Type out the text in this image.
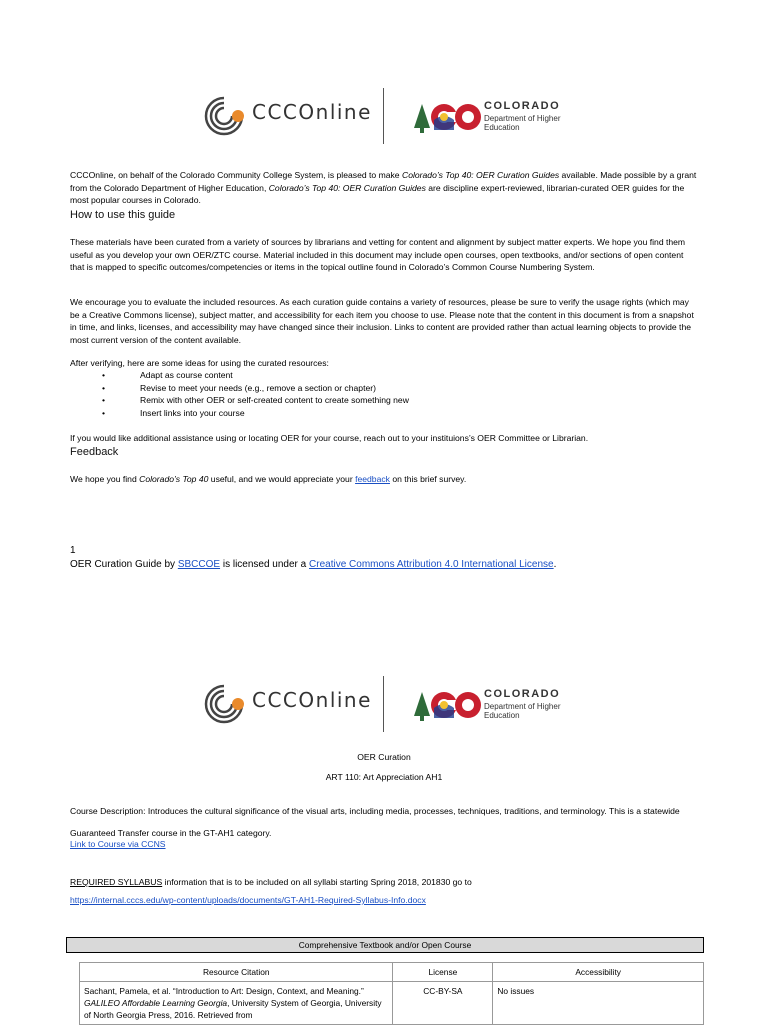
CCCOnline	COLORADO
Department of Higher Education
CCCOnline, on behalf of the Colorado Community College System, is pleased to make Colorado’s Top 40: OER Curation Guides available. Made possible by a grant from the Colorado Department of Higher Education, Colorado’s Top 40: OER Curation Guides are discipline expert-reviewed, librarian-curated OER guides for the most popular courses in Colorado.
How to use this guide
These materials have been curated from a variety of sources by librarians and vetting for content and alignment by subject matter experts. We hope you find them useful as you develop your own OER/ZTC course. Material included in this document may include open courses, open textbooks, and/or sections of open content that is mapped to specific outcomes/competencies or items in the topical outline found in Colorado’s Common Course Numbering System.
We encourage you to evaluate the included resources. As each curation guide contains a variety of resources, please be sure to verify the usage rights (which may be a Creative Commons license), subject matter, and accessibility for each item you choose to use. Please note that the content in this document is from a snapshot in time, and links, licenses, and accessibility may have changed since their inclusion. Links to content are provided rather than actual learning objects to provide the most current version of the content available.
After verifying, here are some ideas for using the curated resources:
• Adapt as course content
• Revise to meet your needs (e.g., remove a section or chapter)
• Remix with other OER or self-created content to create something new
• Insert links into your course
If you would like additional assistance using or locating OER for your course, reach out to your instituions’s OER Committee or Librarian.
Feedback
We hope you find Colorado’s Top 40 useful, and we would appreciate your feedback on this brief survey.
1
OER Curation Guide by SBCCOE is licensed under a Creative Commons Attribution 4.0 International License.
CCCOnline	COLORADO
Department of Higher Education
OER Curation
ART 110: Art Appreciation AH1
Course Description: Introduces the cultural significance of the visual arts, including media, processes, techniques, traditions, and terminology. This is a statewide Guaranteed Transfer course in the GT-AH1 category.
Link to Course via CCNS
REQUIRED SYLLABUS information that is to be included on all syllabi starting Spring 2018, 201830 go to
https://internal.cccs.edu/wp-content/uploads/documents/GT-AH1-Required-Syllabus-Info.docx
Comprehensive Textbook and/or Open Course
Resource Citation	License	Accessibility
Sachant, Pamela, et al. “Introduction to Art: Design, Context, and Meaning.” GALILEO Affordable Learning Georgia, University System of Georgia, University of North Georgia Press, 2016. Retrieved from	CC-BY-SA	No issues
